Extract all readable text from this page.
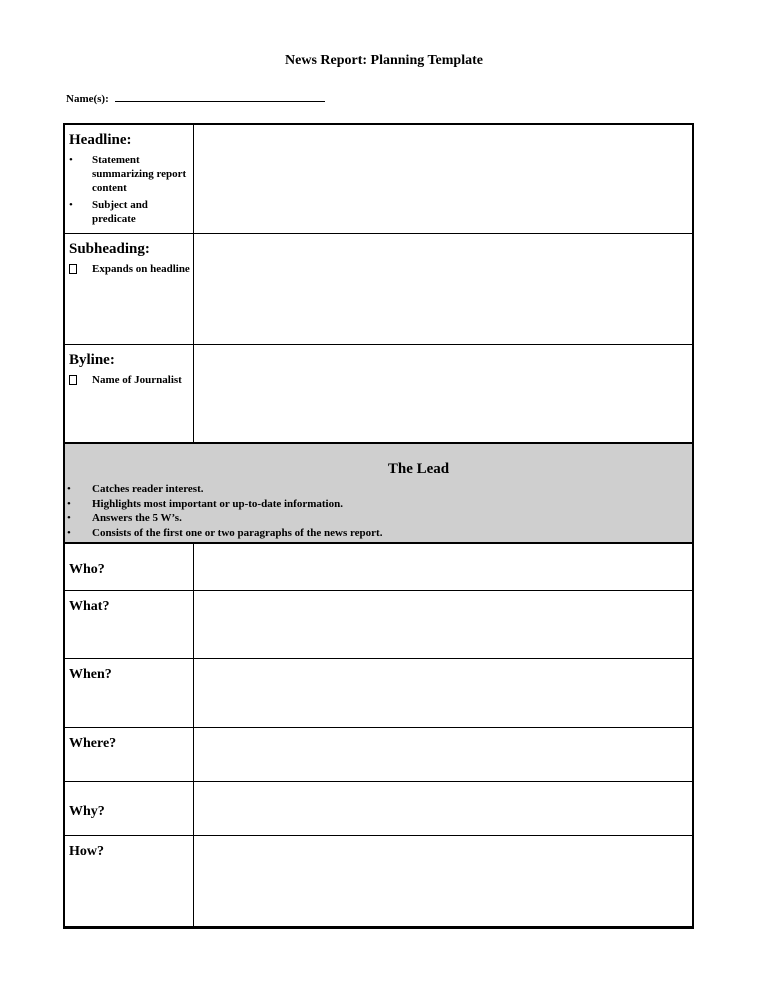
News Report: Planning Template
Name(s):
Headline:
•	Statement summarizing report content
•	Subject and predicate
Subheading:
Expands on headline
Byline:
Name of Journalist
The Lead
• Catches reader interest.
• Highlights most important or up-to-date information.
• Answers the 5 W’s.
• Consists of the first one or two paragraphs of the news report.
Who?
What?
When?
Where?
Why?
How?
